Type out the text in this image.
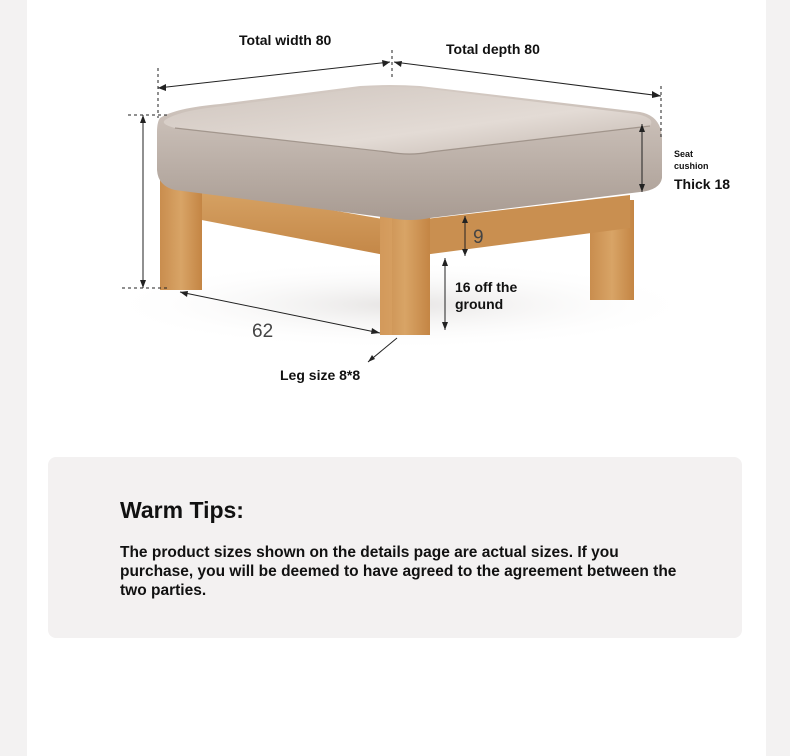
Total width 80
Total depth 80
Seat
cushion
Thick 18
9
16 off the
ground
62
Leg size 8*8
Warm Tips:
The product sizes shown on the details page are actual sizes. If you purchase, you will be deemed to have agreed to the agreement between the two parties.
